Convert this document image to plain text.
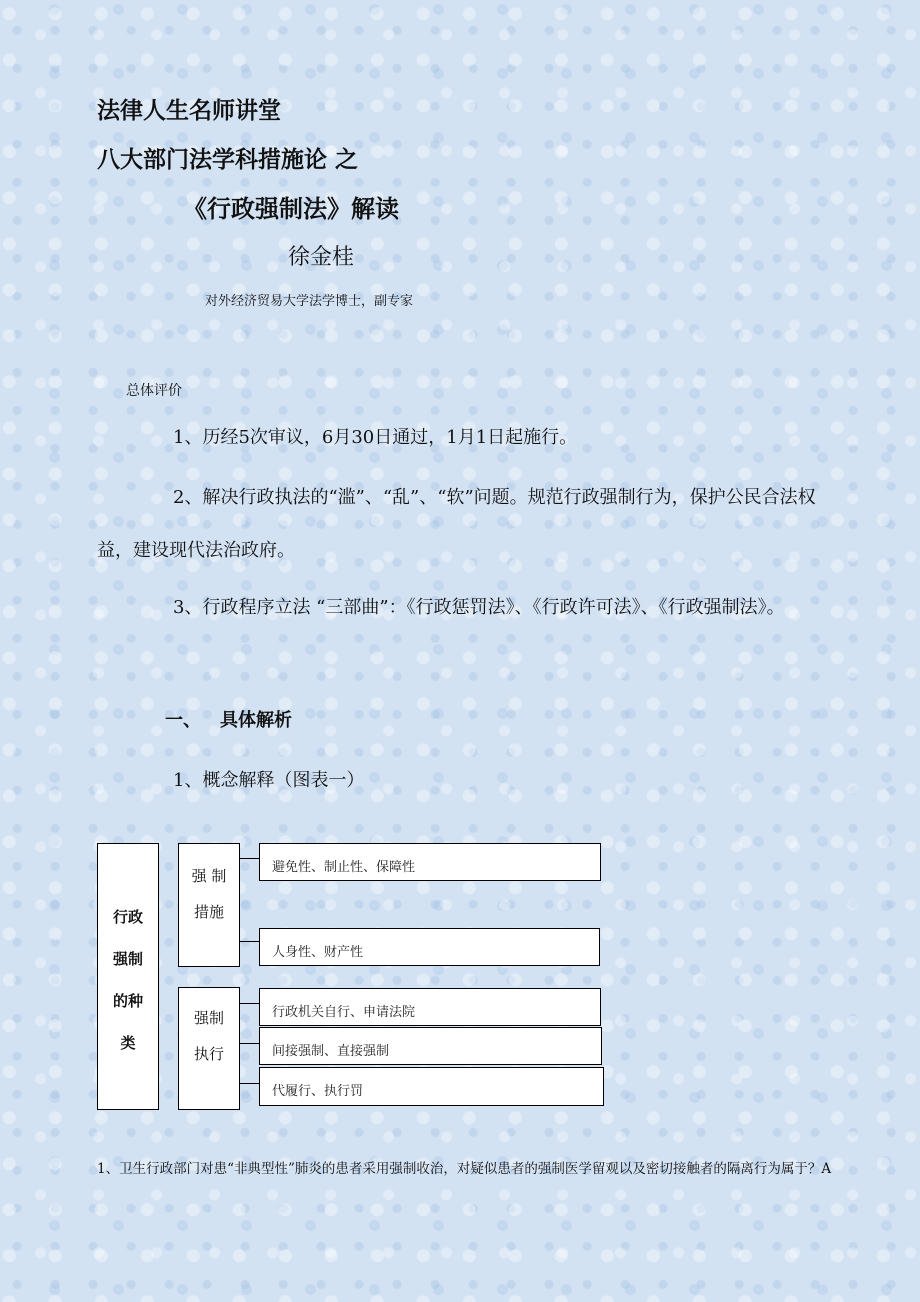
法律人生名师讲堂
八大部门法学科措施论 之
《行政强制法》解读
徐金桂
对外经济贸易大学法学博士，副专家
总体评价
1、历经5次审议，6月30日通过，1月1日起施行。
2、解决行政执法的“滥”、“乱”、“软”问题。规范行政强制行为，保护公民合法权益，建设现代法治政府。
3、行政程序立法 “三部曲”：《行政惩罚法》、《行政许可法》、《行政强制法》。
一、 具体解析
1、概念解释（图表一）
行政
强制
的种
类
强 制
措施
强制
执行
避免性、制止性、保障性
人身性、财产性
行政机关自行、申请法院
间接强制、直接强制
代履行、执行罚
1、卫生行政部门对患“非典型性”肺炎的患者采用强制收治，对疑似患者的强制医学留观以及密切接触者的隔离行为属于？A
